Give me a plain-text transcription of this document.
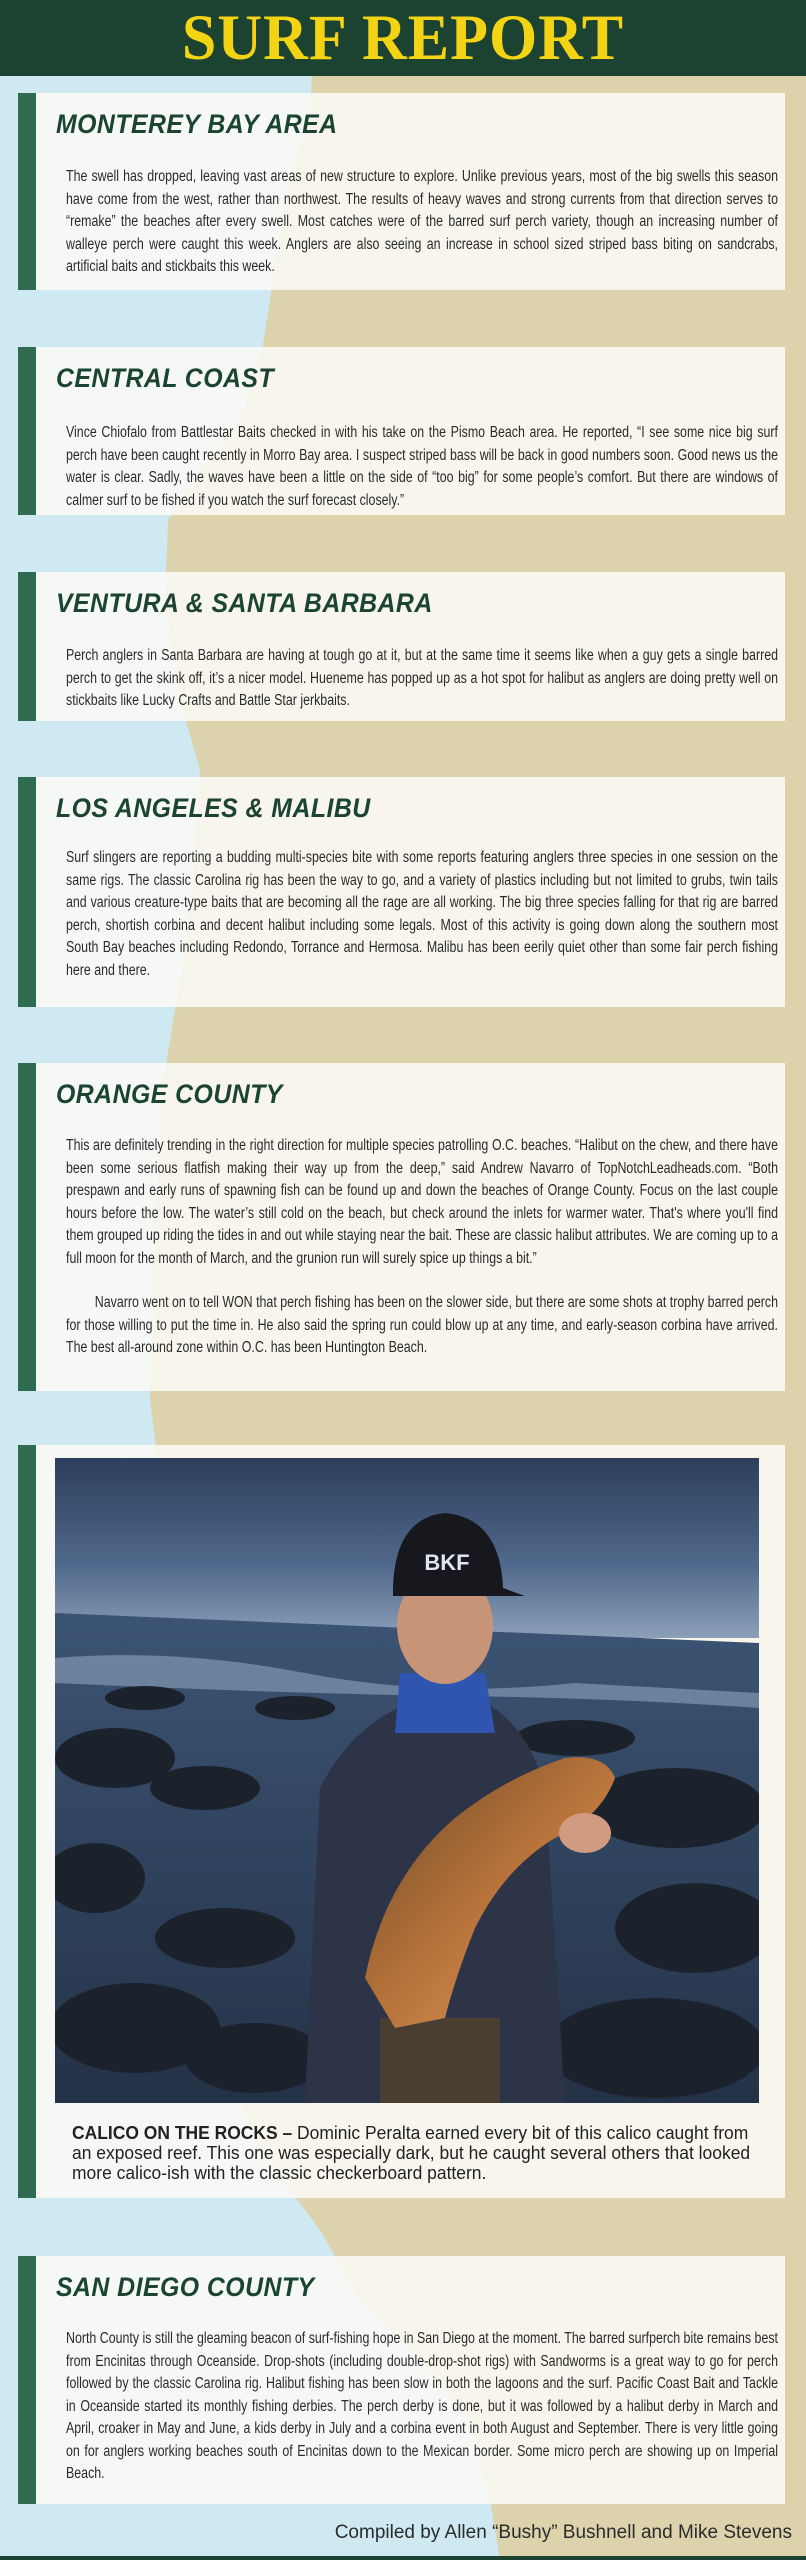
SURF REPORT
MONTEREY BAY AREA

The swell has dropped, leaving vast areas of new structure to explore. Unlike previous years, most of the big swells this season have come from the west, rather than northwest. The results of heavy waves and strong currents from that direction serves to “remake” the beaches after every swell. Most catches were of the barred surf perch variety, though an increasing number of walleye perch were caught this week. Anglers are also seeing an increase in school sized striped bass biting on sandcrabs, artificial baits and stickbaits this week.

CENTRAL COAST

Vince Chiofalo from Battlestar Baits checked in with his take on the Pismo Beach area. He reported, “I see some nice big surf perch have been caught recently in Morro Bay area. I suspect striped bass will be back in good numbers soon. Good news us the water is clear. Sadly, the waves have been a little on the side of “too big” for some people’s comfort. But there are windows of calmer surf to be fished if you watch the surf forecast closely.”

VENTURA & SANTA BARBARA

Perch anglers in Santa Barbara are having at tough go at it, but at the same time it seems like when a guy gets a single barred perch to get the skink off, it’s a nicer model. Hueneme has popped up as a hot spot for halibut as anglers are doing pretty well on stickbaits like Lucky Crafts and Battle Star jerkbaits.

LOS ANGELES & MALIBU

Surf slingers are reporting a budding multi-species bite with some reports featuring anglers three species in one session on the same rigs. The classic Carolina rig has been the way to go, and a variety of plastics including but not limited to grubs, twin tails and various creature-type baits that are becoming all the rage are all working. The big three species falling for that rig are barred perch, shortish corbina and decent halibut including some legals. Most of this activity is going down along the southern most South Bay beaches including Redondo, Torrance and Hermosa. Malibu has been eerily quiet other than some fair perch fishing here and there.

ORANGE COUNTY

This are definitely trending in the right direction for multiple species patrolling O.C. beaches. “Halibut on the chew, and there have been some serious flatfish making their way up from the deep,” said Andrew Navarro of TopNotchLeadheads.com. “Both prespawn and early runs of spawning fish can be found up and down the beaches of Orange County. Focus on the last couple hours before the low. The water’s still cold on the beach, but check around the inlets for warmer water. That's where you'll find them grouped up riding the tides in and out while staying near the bait. These are classic halibut attributes. We are coming up to a full moon for the month of March, and the grunion run will surely spice up things a bit.”

Navarro went on to tell WON that perch fishing has been on the slower side, but there are some shots at trophy barred perch for those willing to put the time in. He also said the spring run could blow up at any time, and early-season corbina have arrived. The best all-around zone within O.C. has been Huntington Beach.

BKF
CALICO ON THE ROCKS – Dominic Peralta earned every bit of this calico caught from an exposed reef. This one was especially dark, but he caught several others that looked more calico-ish with the classic checkerboard pattern.
SAN DIEGO COUNTY

North County is still the gleaming beacon of surf-fishing hope in San Diego at the moment. The barred surfperch bite remains best from Encinitas through Oceanside. Drop-shots (including double-drop-shot rigs) with Sandworms is a great way to go for perch followed by the classic Carolina rig. Halibut fishing has been slow in both the lagoons and the surf. Pacific Coast Bait and Tackle in Oceanside started its monthly fishing derbies. The perch derby is done, but it was followed by a halibut derby in March and April, croaker in May and June, a kids derby in July and a corbina event in both August and September. There is very little going on for anglers working beaches south of Encinitas down to the Mexican border. Some micro perch are showing up on Imperial Beach.

Compiled by Allen “Bushy” Bushnell and Mike Stevens
